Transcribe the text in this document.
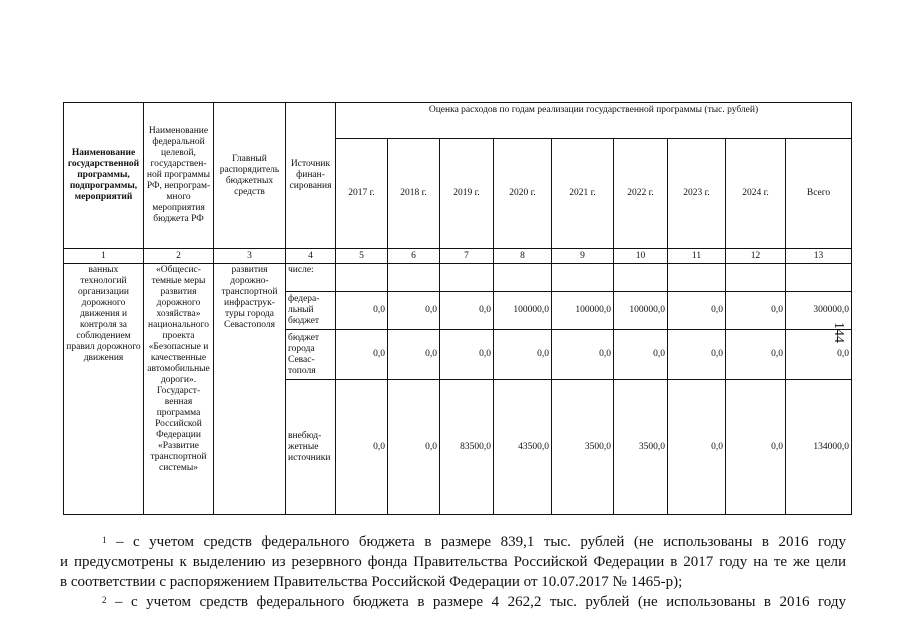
Наименование государственной программы, подпрограммы, мероприятий	Наименование федеральной целевой, государственной программы РФ, непрограммного мероприятия бюджета РФ	Главный распорядитель бюджетных средств	Источник финансирования	Оценка расходов по годам реализации государственной программы (тыс. рублей)								
				2017 г.	2018 г.	2019 г.	2020 г.	2021 г.	2022 г.	2023 г.	2024 г.	Всего
1	2	3	4	5	6	7	8	9	10	11	12	13
ванных технологий организации дорожного движения и контроля за соблюдением правил дорожного движения	«Общесистемные меры развития дорожного хозяйства» национального проекта «Безопасные и качественные автомобильные дороги». Государственная программа Российской Федерации «Развитие транспортной системы»	развития дорожно-транспортной инфраструктуры города Севастополя	числе:									
			федеральный бюджет	0,0	0,0	0,0	100000,0	100000,0	100000,0	0,0	0,0	300000,0
			бюджет города Севастополя	0,0	0,0	0,0	0,0	0,0	0,0	0,0	0,0	0,0
			внебюджетные источники	0,0	0,0	83500,0	43500,0	3500,0	3500,0	0,0	0,0	134000,0
144
$^1$ – с учетом средств федерального бюджета в размере 839,1 тыс. рублей (не использованы в 2016 году
и предусмотрены к выделению из резервного фонда Правительства Российской Федерации в 2017 году на те же цели
в соответствии с распоряжением Правительства Российской Федерации от 10.07.2017 № 1465-р);
$^2$ – с учетом средств федерального бюджета в размере 4 262,2 тыс. рублей (не использованы в 2016 году
